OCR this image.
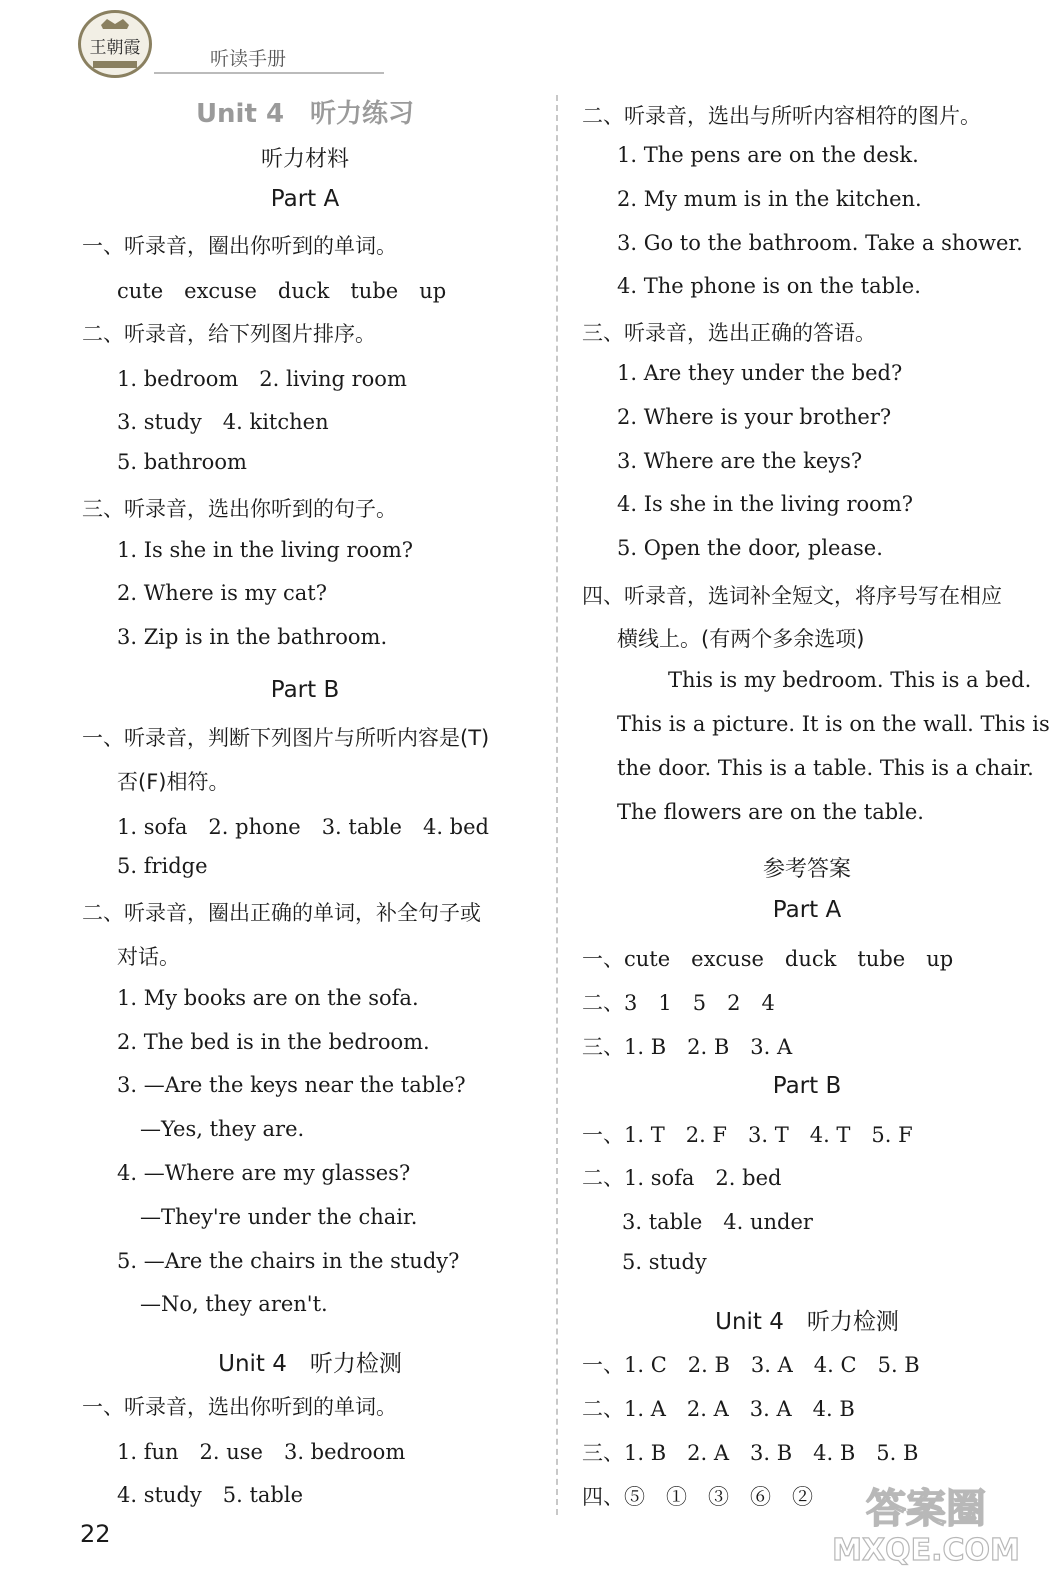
王朝霞	听读手册
Unit 4　听力练习
听力材料
Part A
一、听录音，圈出你听到的单词。
cute　excuse　duck　tube　up
二、听录音，给下列图片排序。
1. bedroom　2. living room
3. study　4. kitchen
5. bathroom
三、听录音，选出你听到的句子。
1. Is she in the living room?
2. Where is my cat?
3. Zip is in the bathroom.
Part B
一、听录音，判断下列图片与所听内容是(T)
否(F)相符。
1. sofa　2. phone　3. table　4. bed
5. fridge
二、听录音，圈出正确的单词，补全句子或
对话。
1. My books are on the sofa.
2. The bed is in the bedroom.
3. —Are the keys near the table?
—Yes, they are.
4. —Where are my glasses?
—They're under the chair.
5. —Are the chairs in the study?
—No, they aren't.
Unit 4　听力检测
一、听录音，选出你听到的单词。
1. fun　2. use　3. bedroom
4. study　5. table
二、听录音，选出与所听内容相符的图片。
1. The pens are on the desk.
2. My mum is in the kitchen.
3. Go to the bathroom. Take a shower.
4. The phone is on the table.
三、听录音，选出正确的答语。
1. Are they under the bed?
2. Where is your brother?
3. Where are the keys?
4. Is she in the living room?
5. Open the door, please.
四、听录音，选词补全短文，将序号写在相应
横线上。(有两个多余选项)
This is my bedroom. This is a bed.
This is a picture. It is on the wall. This is
the door. This is a table. This is a chair.
The flowers are on the table.
参考答案
Part A
一、cute　excuse　duck　tube　up
二、3　1　5　2　4
三、1. B　2. B　3. A
Part B
一、1. T　2. F　3. T　4. T　5. F
二、1. sofa　2. bed
3. table　4. under
5. study
Unit 4　听力检测
一、1. C　2. B　3. A　4. C　5. B
二、1. A　2. A　3. A　4. B
三、1. B　2. A　3. B　4. B　5. B
四、⑤　①　③　⑥　②
22
答案圈
MXQE.COM
